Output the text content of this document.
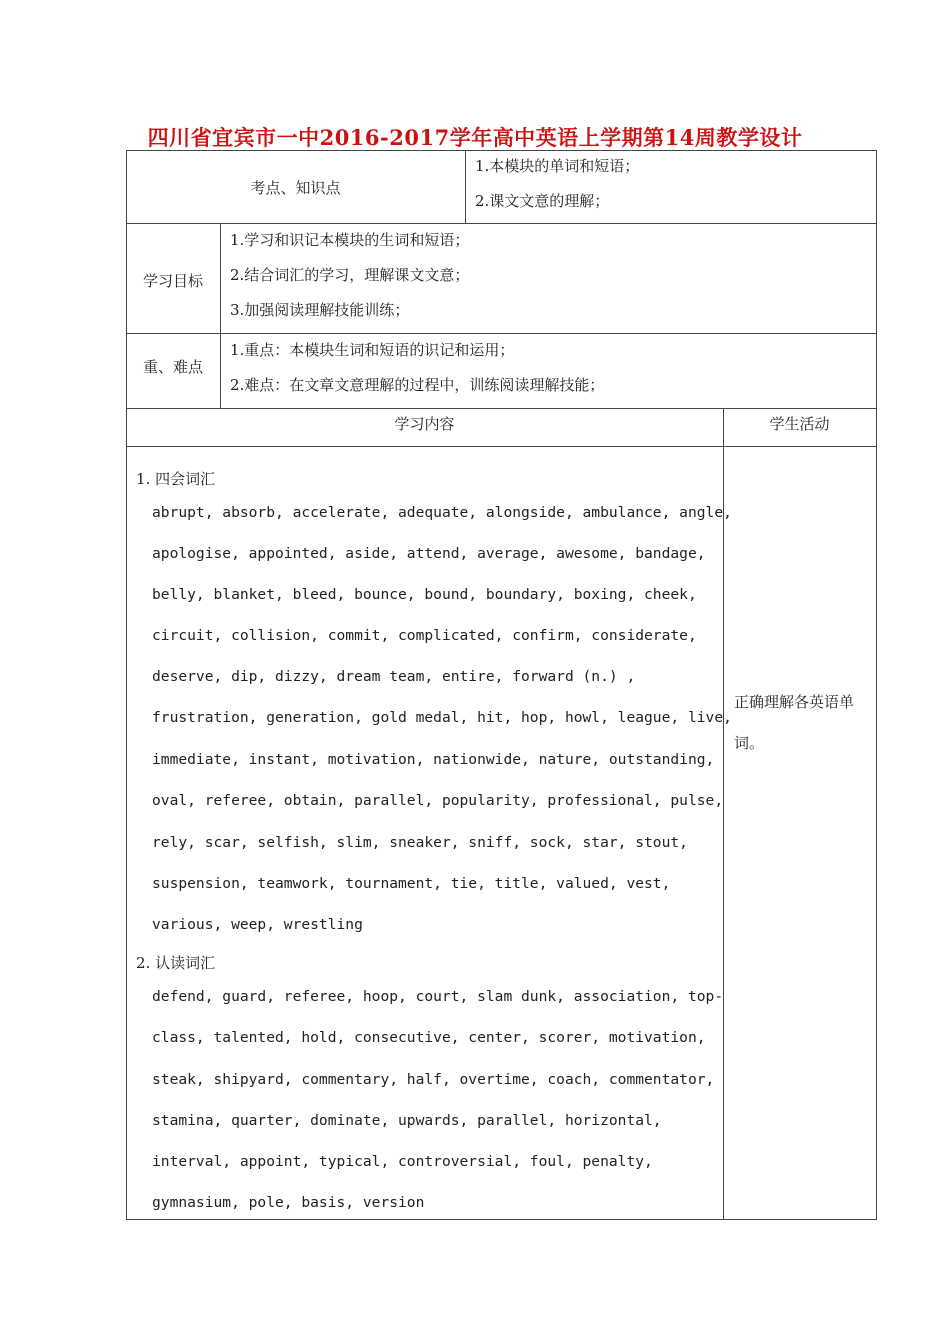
四川省宜宾市一中2016-2017学年高中英语上学期第14周教学设计
考点、知识点
1.本模块的单词和短语；
2.课文文意的理解；
学习目标
1.学习和识记本模块的生词和短语；
2.结合词汇的学习，理解课文文意；
3.加强阅读理解技能训练；
重、难点
1.重点：本模块生词和短语的识记和运用；
2.难点：在文章文意理解的过程中，训练阅读理解技能；
学习内容	学生活动
1. 四会词汇
abrupt, absorb, accelerate, adequate, alongside, ambulance, angle,
apologise, appointed, aside, attend, average, awesome, bandage,
belly, blanket, bleed, bounce, bound, boundary, boxing, cheek,
circuit, collision, commit, complicated, confirm, considerate,
deserve, dip, dizzy, dream team, entire, forward (n.) ,
frustration, generation, gold medal, hit, hop, howl, league, live,
immediate, instant, motivation, nationwide, nature, outstanding,
oval, referee, obtain, parallel, popularity, professional, pulse,
rely, scar, selfish, slim, sneaker, sniff, sock, star, stout,
suspension, teamwork, tournament, tie, title, valued, vest,
various, weep, wrestling
2. 认读词汇
defend, guard, referee, hoop, court, slam dunk, association, top-
class, talented, hold, consecutive, center, scorer, motivation,
steak, shipyard, commentary, half, overtime, coach, commentator,
stamina, quarter, dominate, upwards, parallel, horizontal,
interval, appoint, typical, controversial, foul, penalty,
gymnasium, pole, basis, version
正确理解各英语单
词。
